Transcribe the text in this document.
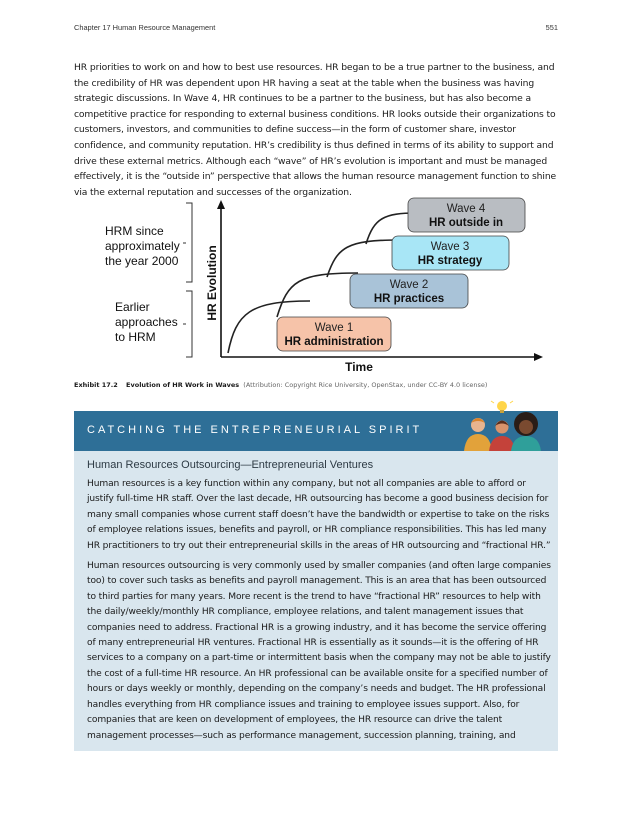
Chapter 17 Human Resource Management	551

HR priorities to work on and how to best use resources. HR began to be a true partner to the business, and the credibility of HR was dependent upon HR having a seat at the table when the business was having strategic discussions. In Wave 4, HR continues to be a partner to the business, but has also become a competitive practice for responding to external business conditions. HR looks outside their organizations to customers, investors, and communities to define success—in the form of customer share, investor confidence, and community reputation. HR’s credibility is thus defined in terms of its ability to support and drive these external metrics. Although each “wave” of HR’s evolution is important and must be managed effectively, it is the “outside in” perspective that allows the human resource management function to shine via the external reputation and successes of the organization.

HRM since approximately the year 2000
Earlier approaches to HRM
HR Evolution
Time
Wave 1
HR administration
Wave 2
HR practices
Wave 3
HR strategy
Wave 4
HR outside in
Exhibit 17.2 Evolution of HR Work in Waves (Attribution: Copyright Rice University, OpenStax, under CC-BY 4.0 license)
CATCHING THE ENTREPRENEURIAL SPIRIT
Human Resources Outsourcing—Entrepreneurial Ventures

Human resources is a key function within any company, but not all companies are able to afford or justify full-time HR staff. Over the last decade, HR outsourcing has become a good business decision for many small companies whose current staff doesn’t have the bandwidth or expertise to take on the risks of employee relations issues, benefits and payroll, or HR compliance responsibilities. This has led many HR practitioners to try out their entrepreneurial skills in the areas of HR outsourcing and “fractional HR.”

Human resources outsourcing is very commonly used by smaller companies (and often large companies too) to cover such tasks as benefits and payroll management. This is an area that has been outsourced to third parties for many years. More recent is the trend to have “fractional HR” resources to help with the daily/weekly/monthly HR compliance, employee relations, and talent management issues that companies need to address. Fractional HR is a growing industry, and it has become the service offering of many entrepreneurial HR ventures. Fractional HR is essentially as it sounds—it is the offering of HR services to a company on a part-time or intermittent basis when the company may not be able to justify the cost of a full-time HR resource. An HR professional can be available onsite for a specified number of hours or days weekly or monthly, depending on the company’s needs and budget. The HR professional handles everything from HR compliance issues and training to employee issues support. Also, for companies that are keen on development of employees, the HR resource can drive the talent management processes—such as performance management, succession planning, training, and
